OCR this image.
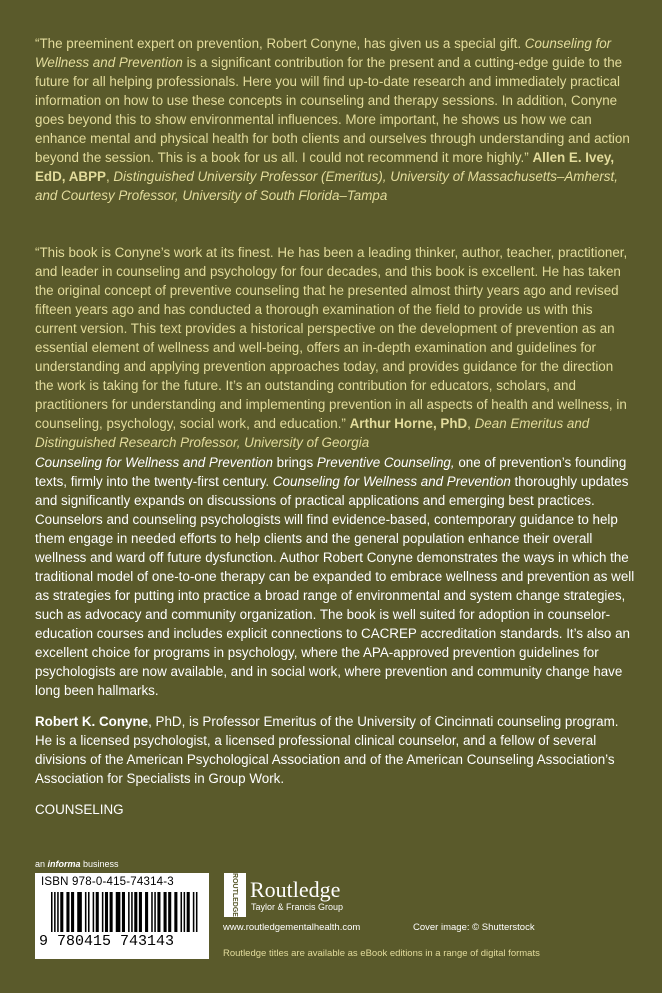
“The preeminent expert on prevention, Robert Conyne, has given us a special gift. Counseling for Wellness and Prevention is a significant contribution for the present and a cutting-edge guide to the future for all helping professionals. Here you will find up-to-date research and immediately practical information on how to use these concepts in counseling and therapy sessions. In addition, Conyne goes beyond this to show environmental influences. More important, he shows us how we can enhance mental and physical health for both clients and ourselves through understanding and action beyond the session. This is a book for us all. I could not recommend it more highly.” Allen E. Ivey, EdD, ABPP, Distinguished University Professor (Emeritus), University of Massachusetts–Amherst, and Courtesy Professor, University of South Florida–Tampa
“This book is Conyne’s work at its finest. He has been a leading thinker, author, teacher, practitioner, and leader in counseling and psychology for four decades, and this book is excellent. He has taken the original concept of preventive counseling that he presented almost thirty years ago and revised fifteen years ago and has conducted a thorough examination of the field to provide us with this current version. This text provides a historical perspective on the development of prevention as an essential element of wellness and well-being, offers an in-depth examination and guidelines for understanding and applying prevention approaches today, and provides guidance for the direction the work is taking for the future. It’s an outstanding contribution for educators, scholars, and practitioners for understanding and implementing prevention in all aspects of health and wellness, in counseling, psychology, social work, and education.” Arthur Horne, PhD, Dean Emeritus and Distinguished Research Professor, University of Georgia
Counseling for Wellness and Prevention brings Preventive Counseling, one of prevention’s founding texts, firmly into the twenty-first century. Counseling for Wellness and Prevention thoroughly updates and significantly expands on discussions of practical applications and emerging best practices. Counselors and counseling psychologists will find evidence-based, contemporary guidance to help them engage in needed efforts to help clients and the general population enhance their overall wellness and ward off future dysfunction. Author Robert Conyne demonstrates the ways in which the traditional model of one-to-one therapy can be expanded to embrace wellness and prevention as well as strategies for putting into practice a broad range of environmental and system change strategies, such as advocacy and community organization. The book is well suited for adoption in counselor-education courses and includes explicit connections to CACREP accreditation standards. It’s also an excellent choice for programs in psychology, where the APA-approved prevention guidelines for psychologists are now available, and in social work, where prevention and community change have long been hallmarks.
Robert K. Conyne, PhD, is Professor Emeritus of the University of Cincinnati counseling program. He is a licensed psychologist, a licensed professional clinical counselor, and a fellow of several divisions of the American Psychological Association and of the American Counseling Association’s Association for Specialists in Group Work.
COUNSELING
an informa business
ISBN 978-0-415-74314-3
9 780415 743143
ROUTLEDGE Routledge
Taylor & Francis Group
www.routledgementalhealth.com	Cover image: © Shutterstock
Routledge titles are available as eBook editions in a range of digital formats
